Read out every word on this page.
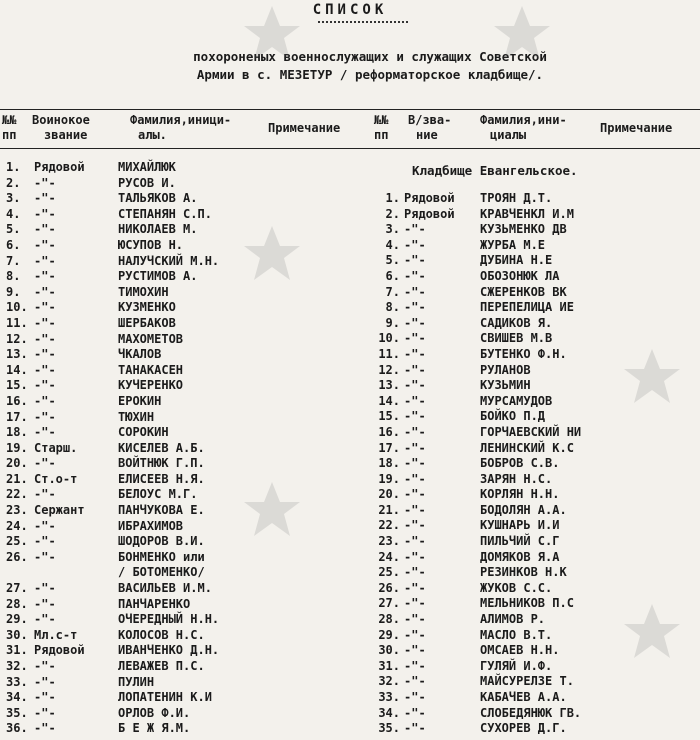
СПИСОК
похороненых военнослужащих и служащих Советской
Армии в с. МЕЗЕТУР / реформаторское кладбище/.
№№
пп
Воинокое
звание
Фамилия,иници-
алы.	Примечание
№№
пп
В/зва-
ние
Фамилия,ини-
циалы	Примечание
Кладбище Евангельское.
1. Рядовой	МИХАЙЛЮК
2. -"-	РУСОВ И.
3. -"-	ТАЛЬЯКОВ А.
4. -"-	СТЕПАНЯН С.П.
5. -"-	НИКОЛАЕВ М.
6. -"-	ЮСУПОВ Н.
7. -"-	НАЛУЧСКИЙ М.Н.
8. -"-	РУСТИМОВ А.
9. -"-	ТИМОХИН
10. -"-	КУЗМЕНКО
11. -"-	ШЕРБАКОВ
12. -"-	МАХОМЕТОВ
13. -"-	ЧКАЛОВ
14. -"-	ТАНАКАСЕН
15. -"-	КУЧЕРЕНКО
16. -"-	ЕРОКИН
17. -"-	ТЮХИН
18. -"-	СОРОКИН
19. Старш.	КИСЕЛЕВ А.Б.
20. -"-	ВОЙТНЮК Г.П.
21. Ст.о-т	ЕЛИСЕЕВ Н.Я.
22. -"-	БЕЛОУС М.Г.
23. Сержант	ПАНЧУКОВА Е.
24. -"-	ИБРАХИМОВ
25. -"-	ШОДОРОВ В.И.
26. -"-	БОНМЕНКО или
/ БОТОМЕНКО/
27. -"-	ВАСИЛЬЕВ И.М.
28. -"-	ПАНЧАРЕНКО
29. -"-	ОЧЕРЕДНЫЙ Н.Н.
30. Мл.с-т	КОЛОСОВ Н.С.
31. Рядовой	ИВАНЧЕНКО Д.Н.
32. -"-	ЛЕВАЖЕВ П.С.
33. -"-	ПУЛИН
34. -"-	ЛОПАТЕНИН К.И
35. -"-	ОРЛОВ Ф.И.
36. -"-	Б Е Ж Я.М.
1. Рядовой ТРОЯН Д.Т.
2. Рядовой КРАВЧЕНКЛ И.М
3. -"-	КУЗЬМЕНКО ДВ
4. -"-	ЖУРБА М.Е
5. -"-	ДУБИНА Н.Е
6. -"-	ОБОЗОНЮК ЛА
7. -"-	СЖЕРЕНКОВ ВК
8. -"-	ПЕРЕПЕЛИЦА ИЕ
9. -"-	САДИКОВ Я.
10. -"-	СВИШЕВ М.В
11. -"-	БУТЕНКО Ф.Н.
12. -"-	РУЛАНОВ
13. -"-	КУЗЬМИН
14. -"-	МУРСАМУДОВ
15. -"-	БОЙКО П.Д
16. -"-	ГОРЧАЕВСКИЙ НИ
17. -"-	ЛЕНИНСКИЙ К.С
18. -"-	БОБРОВ С.В.
19. -"-	ЗАРЯН Н.С.
20. -"-	КОРЛЯН Н.Н.
21. -"-	БОДОЛЯН А.А.
22. -"-	КУШНАРЬ И.И
23. -"-	ПИЛЬЧИЙ С.Г
24. -"-	ДОМЯКОВ Я.А
25. -"-	РЕЗИНКОВ Н.К
26. -"-	ЖУКОВ С.С.
27. -"-	МЕЛЬНИКОВ П.С
28. -"-	АЛИМОВ Р.
29. -"-	МАСЛО В.Т.
30. -"-	ОМСАЕВ Н.Н.
31. -"-	ГУЛЯЙ И.Ф.
32. -"-	МАЙСУРЕЛЗЕ Т.
33. -"-	КАБАЧЕВ А.А.
34. -"-	СЛОБЕДЯНЮК ГВ.
35. -"-	СУХОРЕВ Д.Г.
